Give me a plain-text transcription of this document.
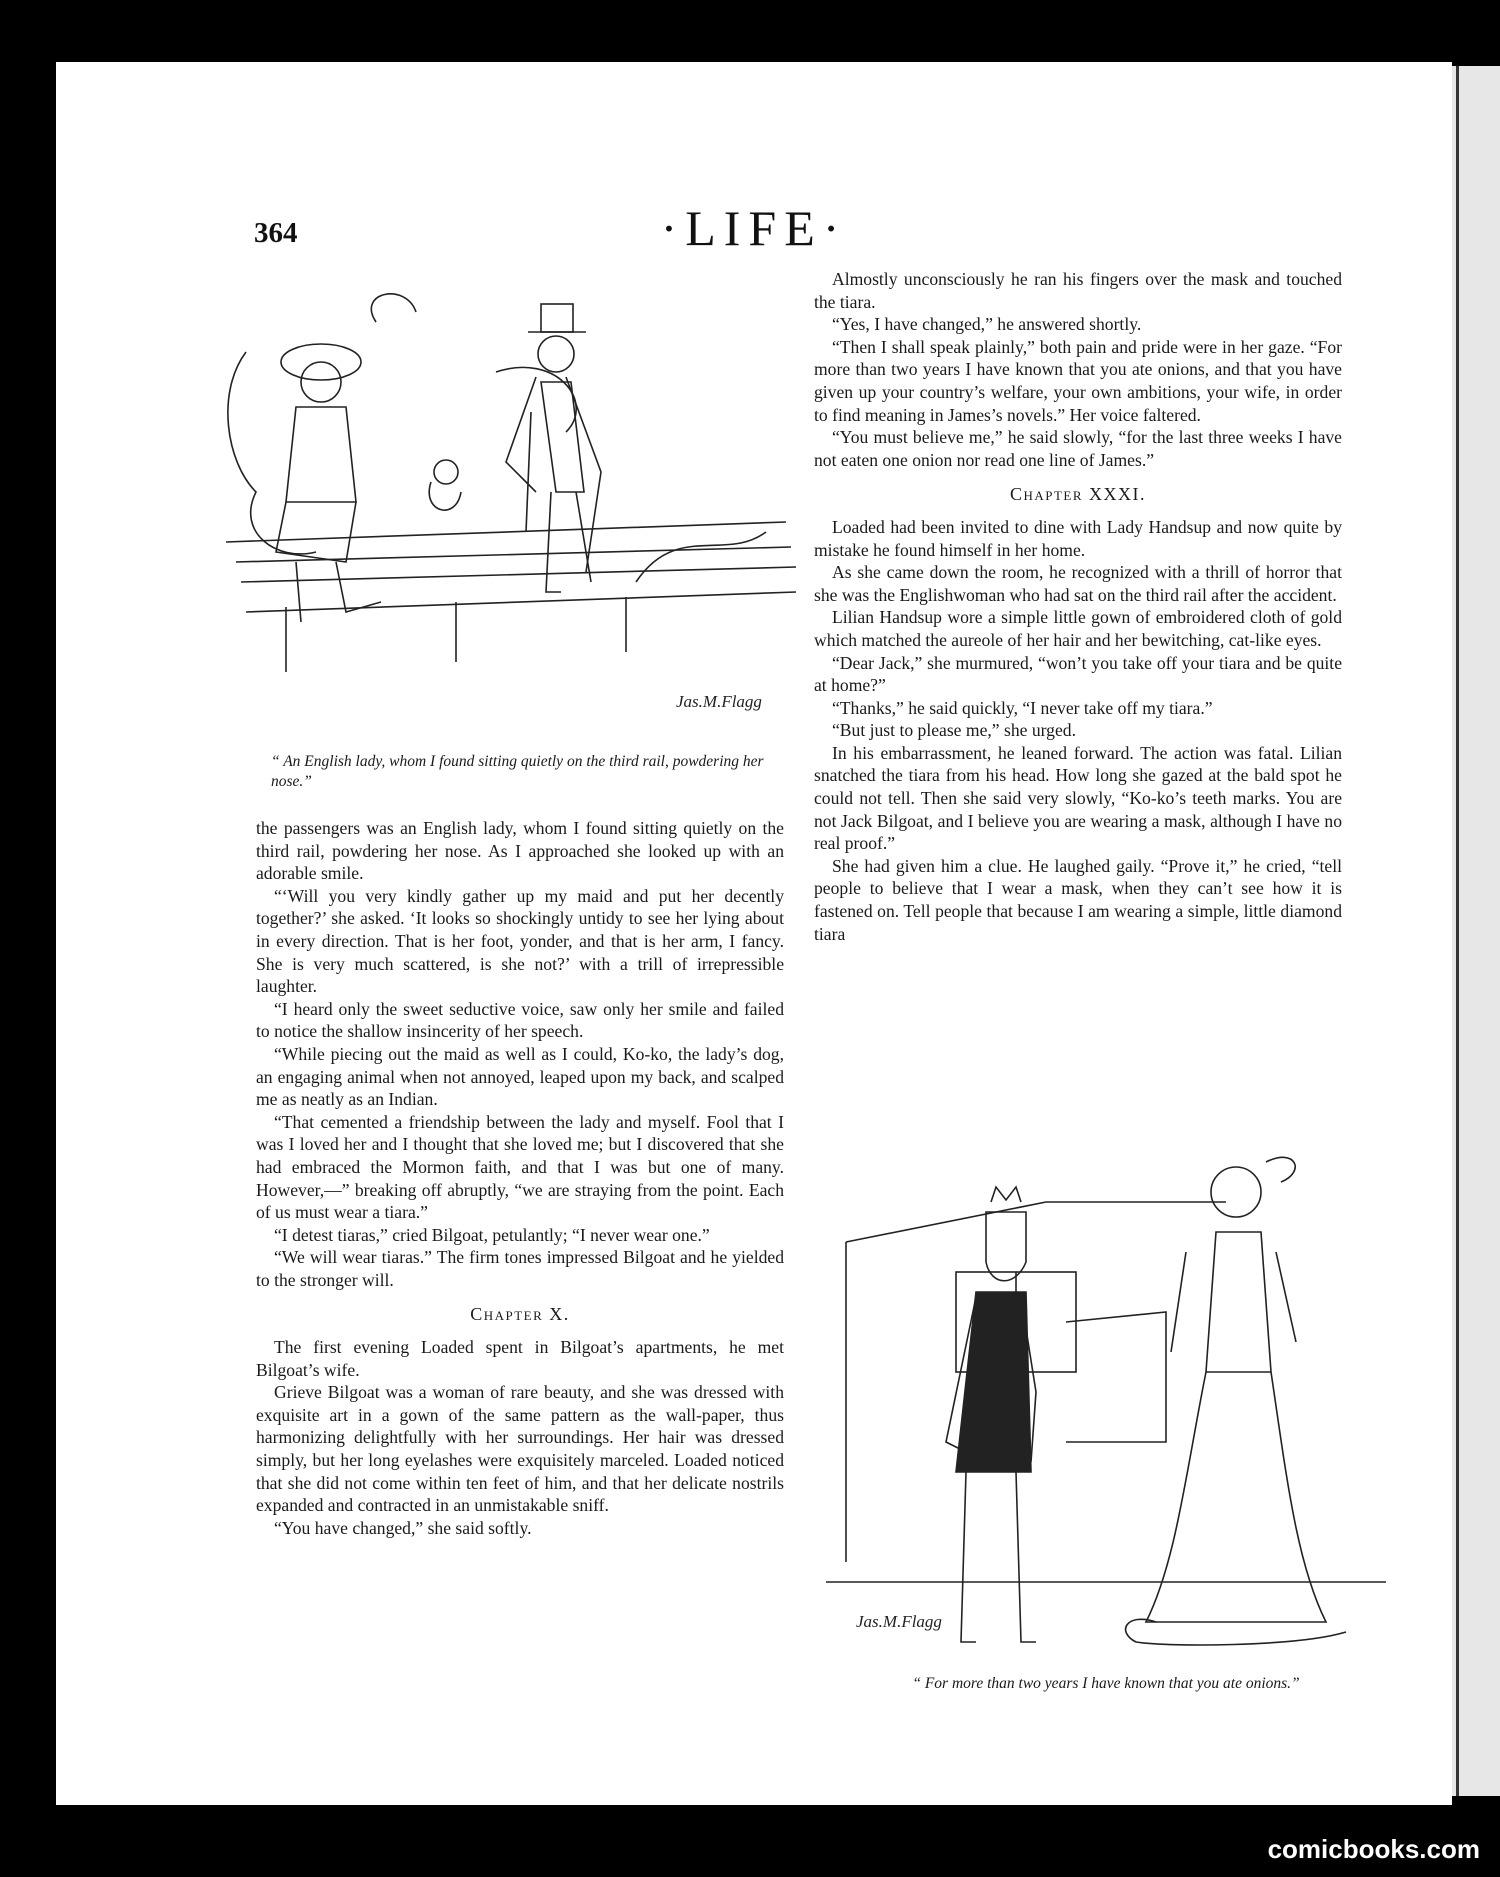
364	·LIFE·
Jas.M.Flagg
“ An English lady, whom I found sitting quietly on the third rail, powdering her nose.”

the passengers was an English lady, whom I found sitting quietly on the third rail, powdering her nose. As I approached she looked up with an adorable smile.

“‘Will you very kindly gather up my maid and put her decently together?’ she asked. ‘It looks so shockingly untidy to see her lying about in every direction. That is her foot, yonder, and that is her arm, I fancy. She is very much scattered, is she not?’ with a trill of irrepressible laughter.

“I heard only the sweet seductive voice, saw only her smile and failed to notice the shallow insincerity of her speech.

“While piecing out the maid as well as I could, Ko-ko, the lady’s dog, an engaging animal when not annoyed, leaped upon my back, and scalped me as neatly as an Indian.

“That cemented a friendship between the lady and myself. Fool that I was I loved her and I thought that she loved me; but I discovered that she had embraced the Mormon faith, and that I was but one of many. However,—” breaking off abruptly, “we are straying from the point. Each of us must wear a tiara.”

“I detest tiaras,” cried Bilgoat, petulantly; “I never wear one.”

“We will wear tiaras.” The firm tones impressed Bilgoat and he yielded to the stronger will.

Chapter X.

The first evening Loaded spent in Bilgoat’s apartments, he met Bilgoat’s wife.

Grieve Bilgoat was a woman of rare beauty, and she was dressed with exquisite art in a gown of the same pattern as the wall-paper, thus harmonizing delightfully with her surroundings. Her hair was dressed simply, but her long eyelashes were exquisitely marceled. Loaded noticed that she did not come within ten feet of him, and that her delicate nostrils expanded and contracted in an unmistakable sniff.

“You have changed,” she said softly.

Almostly unconsciously he ran his fingers over the mask and touched the tiara.

“Yes, I have changed,” he answered shortly.

“Then I shall speak plainly,” both pain and pride were in her gaze. “For more than two years I have known that you ate onions, and that you have given up your country’s welfare, your own ambitions, your wife, in order to find meaning in James’s novels.” Her voice faltered.

“You must believe me,” he said slowly, “for the last three weeks I have not eaten one onion nor read one line of James.”

Chapter XXXI.

Loaded had been invited to dine with Lady Handsup and now quite by mistake he found himself in her home.

As she came down the room, he recognized with a thrill of horror that she was the Englishwoman who had sat on the third rail after the accident.

Lilian Handsup wore a simple little gown of embroidered cloth of gold which matched the aureole of her hair and her bewitching, cat-like eyes.

“Dear Jack,” she murmured, “won’t you take off your tiara and be quite at home?”

“Thanks,” he said quickly, “I never take off my tiara.”

“But just to please me,” she urged.

In his embarrassment, he leaned forward. The action was fatal. Lilian snatched the tiara from his head. How long she gazed at the bald spot he could not tell. Then she said very slowly, “Ko-ko’s teeth marks. You are not Jack Bilgoat, and I believe you are wearing a mask, although I have no real proof.”

She had given him a clue. He laughed gaily. “Prove it,” he cried, “tell people to believe that I wear a mask, when they can’t see how it is fastened on. Tell people that because I am wearing a simple, little diamond tiara

Jas.M.Flagg
“ For more than two years I have known that you ate onions.”
comicbooks.com
